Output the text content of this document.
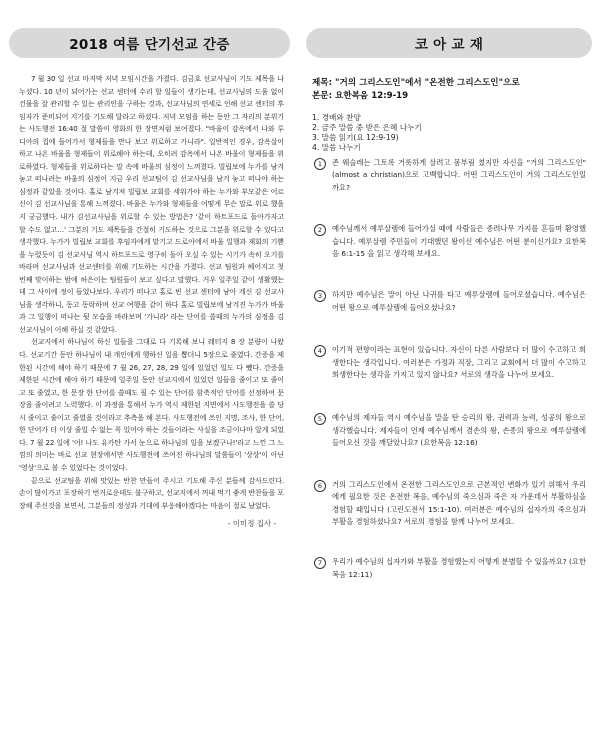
2018 여름 단기선교 간증

7 월 30 일 선교 마지막 저녁 모임시간을 가졌다. 김금호 선교사님이 기도 제목을 나누셨다. 10 년이 되어가는 선교 센터에 수리 할 일들이 생기는데, 선교사님의 도움 없이 건물을 잘 관리할 수 있는 관리인을 구하는 것과, 선교사님의 연세로 인해 선교 센터의 후임자가 준비되어 지기를 기도해 달라고 하셨다. 저녁 모임을 하는 동안 그 자리의 분위기는 사도행전 16:40 절 말씀이 영화의 한 장면처럼 보여졌다. "바울이 감옥에서 나와 루디아의 집에 들어가서 형제들을 만나 보고 위로하고 가니라". 일반적인 경우, 감옥살이 하고 나온 바울을 형제들이 위로해야 하는데, 오히려 감옥에서 나온 바울이 형제들을 위로하였다. 형제들을 위로하다는 말 속에 바울의 심정이 느껴졌다. 빌립보에 누가를 남겨놓고 떠나려는 바울의 심정이 지금 우리 선교팀이 김 선교사님을 남겨 놓고 떠나야 하는 심정과 같았을 것이다. 홀로 남겨져 빌립보 교회를 세워가야 하는 누가와 부모같은 어르신이 김 선교사님을 통해 느껴졌다. 바울은 누가와 형제들을 어떻게 무슨 말로 위로 했을지 궁금했다. 내가 김선교사님을 위로할 수 있는 방법은? '같이 하트포드로 돌아가자고 할 수도 없고…' 그분의 기도 제목들을 간절히 기도하는 것으로 그분을 위로할 수 있다고 생각했다. 누가가 빌립보 교회를 후임자에게 맡기고 드로아에서 바울 일행과 재회의 기쁨을 누렸듯이 김 선교사님 역시 하트포드로 영구히 돌아 오실 수 있는 시기가 속히 오기를 바라며 선교사님과 선교센터를 위해 기도하는 시간을 가졌다. 선교 팀원과 헤어지고 첫 번째 맞이하는 밤에 허은이는 팀원들이 보고 싶다고 말했다. 거우 일주일 같이 생활했는데 그 사이에 정이 들었나보다. 우리가 떠나고 홀로 빈 선교 센터에 남아 계신 김 선교사님을 생각하니, 동고 동락하며 선교 여행을 같이 하다 홀로 빌립보에 남겨진 누가가 바울과 그 일행이 떠나는 뒷 모습을 바라보며 '가니라' 라는 단어를 쓸때의 누가의 심정을 김 선교사님이 이해 하실 것 같았다.

선교지에서 하나님이 하신 일들을 그대로 다 기록해 보니 레터지 8 장 분량이 나왔다. 선교기간 동안 하나님이 내 개인에게 행하신 일을 뽑더니 5장으로 줄였다. 간증을 제한된 시간에 해야 하기 때문에 7 월 26, 27, 28, 29 일에 있었던 일도 다 뺐다. 간증을 제한된 시간에 해야 하기 때문에 일주일 동안 선교지에서 있었던 일들을 줄이고 또 줄이고 또 줄였고, 한 문장 한 단어를 쓸때도 필 수 있는 단어를 함축적인 단어를 선정하여 문장을 줄이려고 노력했다. 이 과정을 통해서 누가 역시 제한된 지면에서 사도행전을 쓸 당시 줄이고 줄이고 줄였을 것이라고 추측을 해 본다. 사도행전에 쓰인 지명, 조사, 한 단어, 한 단어가 더 이상 줄일 수 없는 꼭 있어야 하는 것들이라는 사실을 조금이나마 알게 되었다. 7 월 22 일에 '어! 나도 유카탄 가서 눈으로 하나님의 일을 보겠구나!'라고 느낀 그 느낌의 의미는 바로 선교 현장에서만 사도행전에 쓰여진 하나님의 말씀들이 '상상'이 아닌 '영상'으로 볼 수 있었다는 것이었다.

끝으로 선교팀을 위해 맛있는 반찬 만들어 주시고 기도해 주신 분들께 감사드린다. 손이 많이가고 포장하기 번거로운데도 불구하고, 선교지에서 꺼내 먹기 좋게 반찬들을 포장해 주신것을 보면서, 그분들의 정성과 기대에 부응해야겠다는 마음이 절로 났었다.

- 이미정 집사 -
코 아 교 재
제목: "거의 그리스도인"에서 "온전한 그리스도인"으로
본문: 요한복음 12:9-19
1. 경배와 찬양
2. 금주 말씀 중 받은 은혜 나누기
3. 말씀 읽기(요 12:9-19)
4. 말씀 나누기
1	존 웨슬레는 그토록 거룩하게 살려고 몸부림 쳤지만 자신을 "거의 그리스도인" (almost a christian)으로 고백합니다. 어떤 그리스도인이 거의 그리스도인일까요?
2	예수님께서 예루살렘에 들어가실 때에 사람들은 종려나무 가지를 흔들며 환영했습니다. 예루살렘 주민들이 기대했던 왕이신 예수님은 어떤 분이신가요? 요한복음 6:1-15 을 읽고 생각해 보세요.
3	하지만 예수님은 말이 아닌 나귀를 타고 예루살렘에 들어오셨습니다. 예수님은 어떤 왕으로 예루살렘에 들어오셨나요?
4	이기적 편향이라는 표현이 있습니다. 자신이 다른 사람보다 더 많이 수고하고 희생한다는 생각입니다. 여러분은 가정과 직장, 그리고 교회에서 더 많이 수고하고 희생한다는 생각을 가지고 있지 않나요? 서로의 생각을 나누어 보세요.
5	예수님의 제자들 역시 예수님을 말을 탄 승리의 왕, 권력과 능력, 성공의 왕으로 생각했습니다. 제자들이 언제 예수님께서 겸손의 왕, 손종의 왕으로 예루살렘에 들어오신 것을 깨달았나요? (요한복음 12:16)
6	거의 그리스도인에서 온전한 그리스도인으로 근본적인 변화가 있기 위해서 우리에게 필요한 것은 온전한 복음, 예수님의 죽으심과 죽은 자 가운데서 부활하심을 경험할 때입니다 (고린도전서 15:1-10). 여러분은 예수님의 십자가의 죽으심과 부활을 경험하셨나요? 서로의 경험을 함께 나누어 보세요.
7	우리가 예수님의 십자가와 부활을 경험했는지 어떻게 분별할 수 있을까요? (요한복음 12:11)
